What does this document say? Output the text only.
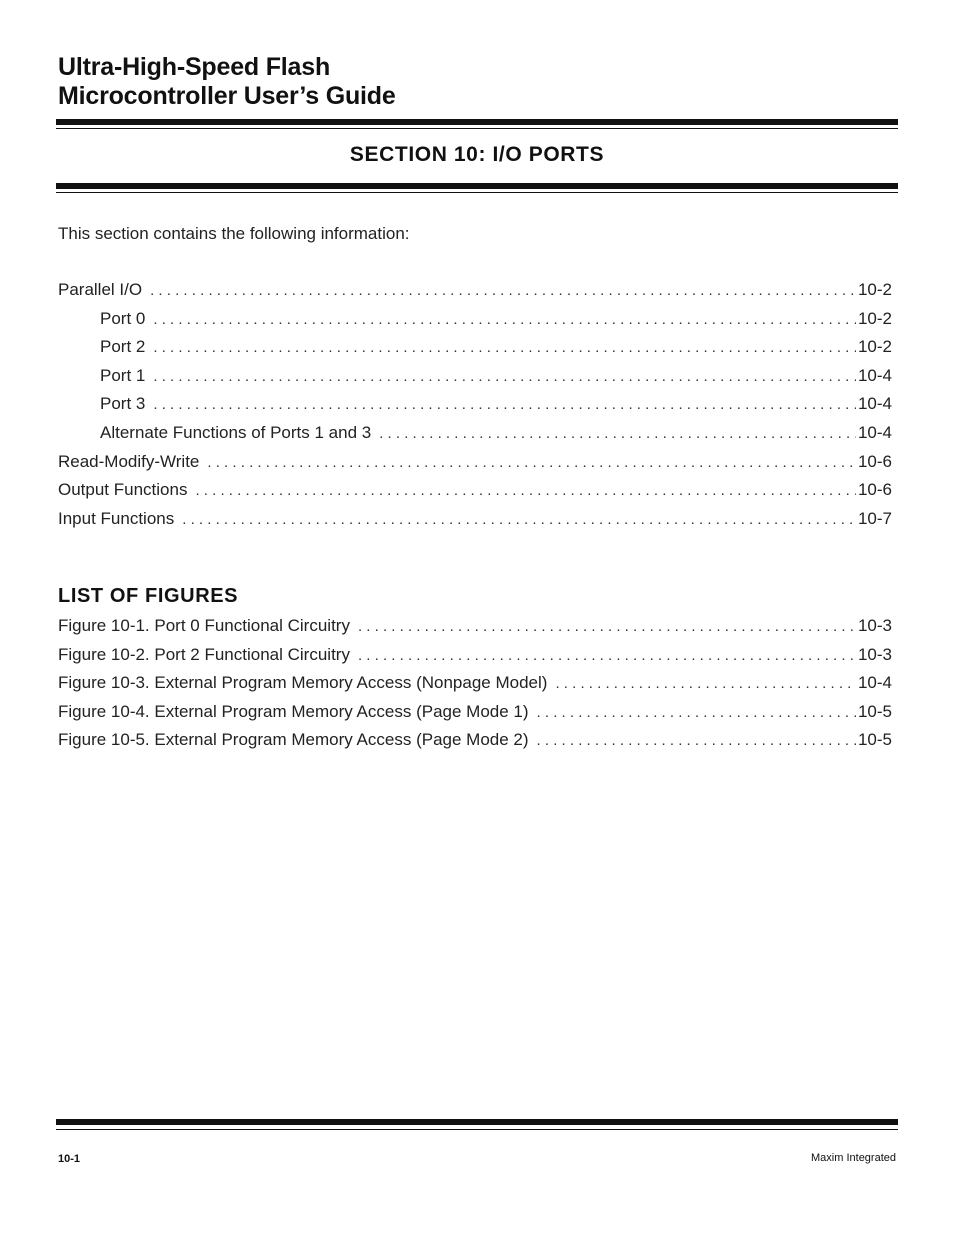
Ultra-High-Speed Flash
Microcontroller User’s Guide
SECTION 10: I/O PORTS
This section contains the following information:
Parallel I/O . . .	10-2
Port 0 . . .	10-2
Port 2 . . .	10-2
Port 1 . . .	10-4
Port 3 . . .	10-4
Alternate Functions of Ports 1 and 3 . . .	10-4
Read-Modify-Write . . .	10-6
Output Functions . . .	10-6
Input Functions . . .	10-7
LIST OF FIGURES
Figure 10-1. Port 0 Functional Circuitry . . .	10-3
Figure 10-2. Port 2 Functional Circuitry . . .	10-3
Figure 10-3. External Program Memory Access (Nonpage Model) . . .	10-4
Figure 10-4. External Program Memory Access (Page Mode 1) . . .	10-5
Figure 10-5. External Program Memory Access (Page Mode 2) . . .	10-5
10-1	Maxim Integrated
